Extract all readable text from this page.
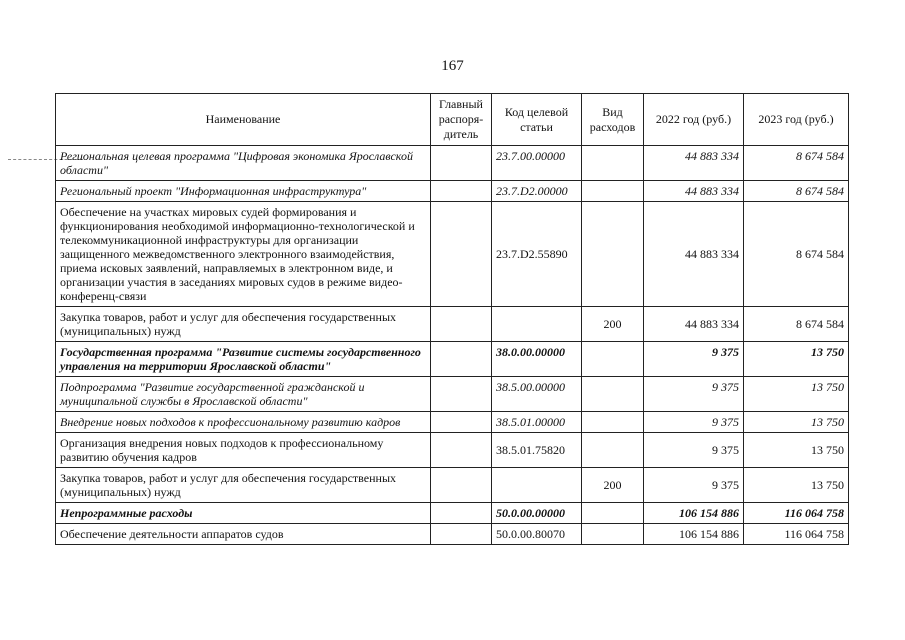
167
Наименование	Главный распоря-дитель	Код целевой статьи	Вид расходов	2022 год (руб.)	2023 год (руб.)
Региональная целевая программа "Цифровая экономика Ярославской области"		23.7.00.00000		44 883 334	8 674 584
Региональный проект "Информационная инфраструктура"		23.7.D2.00000		44 883 334	8 674 584
Обеспечение на участках мировых судей формирования и функционирования необходимой информационно-технологической и телекоммуникационной инфраструктуры для организации защищенного межведомственного электронного взаимодействия, приема исковых заявлений, направляемых в электронном виде, и организации участия в заседаниях мировых судов в режиме видео-конференц-связи		23.7.D2.55890		44 883 334	8 674 584
Закупка товаров, работ и услуг для обеспечения государственных (муниципальных) нужд			200	44 883 334	8 674 584
Государственная программа "Развитие системы государственного управления на территории Ярославской области"		38.0.00.00000		9 375	13 750
Подпрограмма "Развитие государственной гражданской и муниципальной службы в Ярославской области"		38.5.00.00000		9 375	13 750
Внедрение новых подходов к профессиональному развитию кадров		38.5.01.00000		9 375	13 750
Организация внедрения новых подходов к профессиональному развитию обучения кадров		38.5.01.75820		9 375	13 750
Закупка товаров, работ и услуг для обеспечения государственных (муниципальных) нужд			200	9 375	13 750
Непрограммные расходы		50.0.00.00000		106 154 886	116 064 758
Обеспечение деятельности аппаратов судов		50.0.00.80070		106 154 886	116 064 758
